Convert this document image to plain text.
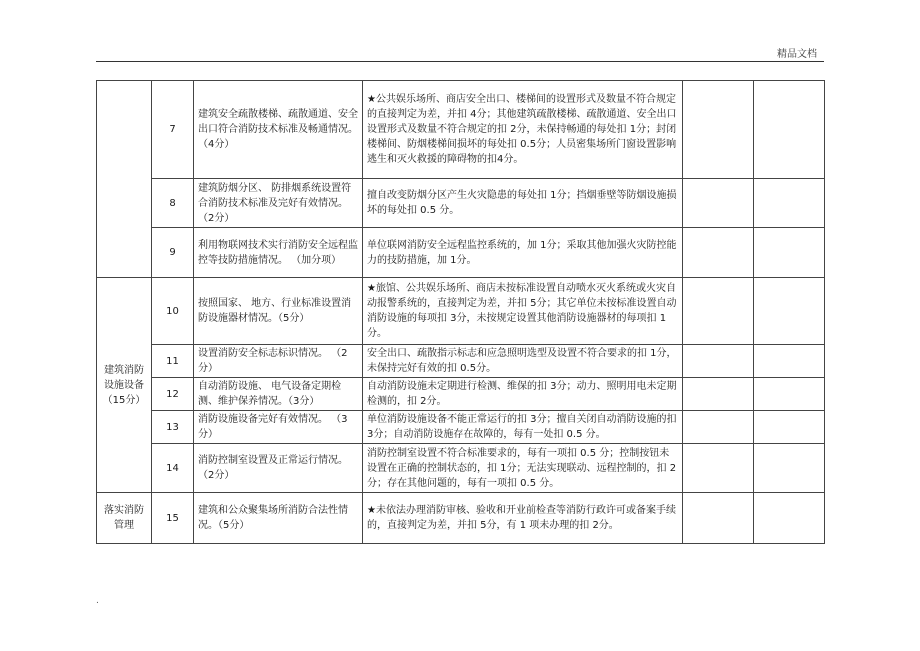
精品文档
	7	建筑安全疏散楼梯、疏散通道、安全出口符合消防技术标准及畅通情况。（4分）	★公共娱乐场所、商店安全出口、楼梯间的设置形式及数量不符合规定的直接判定为差，并扣 4分；其他建筑疏散楼梯、疏散通道、安全出口设置形式及数量不符合规定的扣 2分，未保持畅通的每处扣 1分；封闭楼梯间、防烟楼梯间损坏的每处扣 0.5分；人员密集场所门窗设置影响逃生和灭火救援的障碍物的扣4分。		
	8	建筑防烟分区、 防排烟系统设置符合消防技术标准及完好有效情况。（2分）	擅自改变防烟分区产生火灾隐患的每处扣 1分；挡烟垂壁等防烟设施损坏的每处扣 0.5 分。		
	9	利用物联网技术实行消防安全远程监控等技防措施情况。 （加分项）	单位联网消防安全远程监控系统的，加 1分；采取其他加强火灾防控能力的技防措施，加 1分。		
建筑消防设施设备（15分）	10	按照国家、 地方、行业标准设置消防设施器材情况。（5分）	★旅馆、公共娱乐场所、商店未按标准设置自动喷水灭火系统或火灾自动报警系统的，直接判定为差，并扣 5分；其它单位未按标准设置自动消防设施的每项扣 3分，未按规定设置其他消防设施器材的每项扣 1分。		
	11	设置消防安全标志标识情况。 （2分）	安全出口、疏散指示标志和应急照明选型及设置不符合要求的扣 1分，未保持完好有效的扣 0.5分。		
	12	自动消防设施、 电气设备定期检测、维护保养情况。（3分）	自动消防设施未定期进行检测、维保的扣 3分；动力、照明用电未定期检测的，扣 2分。		
	13	消防设施设备完好有效情况。 （3分）	单位消防设施设备不能正常运行的扣 3分；擅自关闭自动消防设施的扣 3分；自动消防设施存在故障的，每有一处扣 0.5 分。		
	14	消防控制室设置及正常运行情况。（2分）	消防控制室设置不符合标准要求的，每有一项扣 0.5 分；控制按钮未设置在正确的控制状态的，扣 1分；无法实现联动、远程控制的，扣 2分；存在其他问题的，每有一项扣 0.5 分。		
落实消防管理	15	建筑和公众聚集场所消防合法性情况。（5分）	★未依法办理消防审核、验收和开业前检查等消防行政许可或备案手续的，直接判定为差，并扣 5分，有 1 项未办理的扣 2分。		
.
